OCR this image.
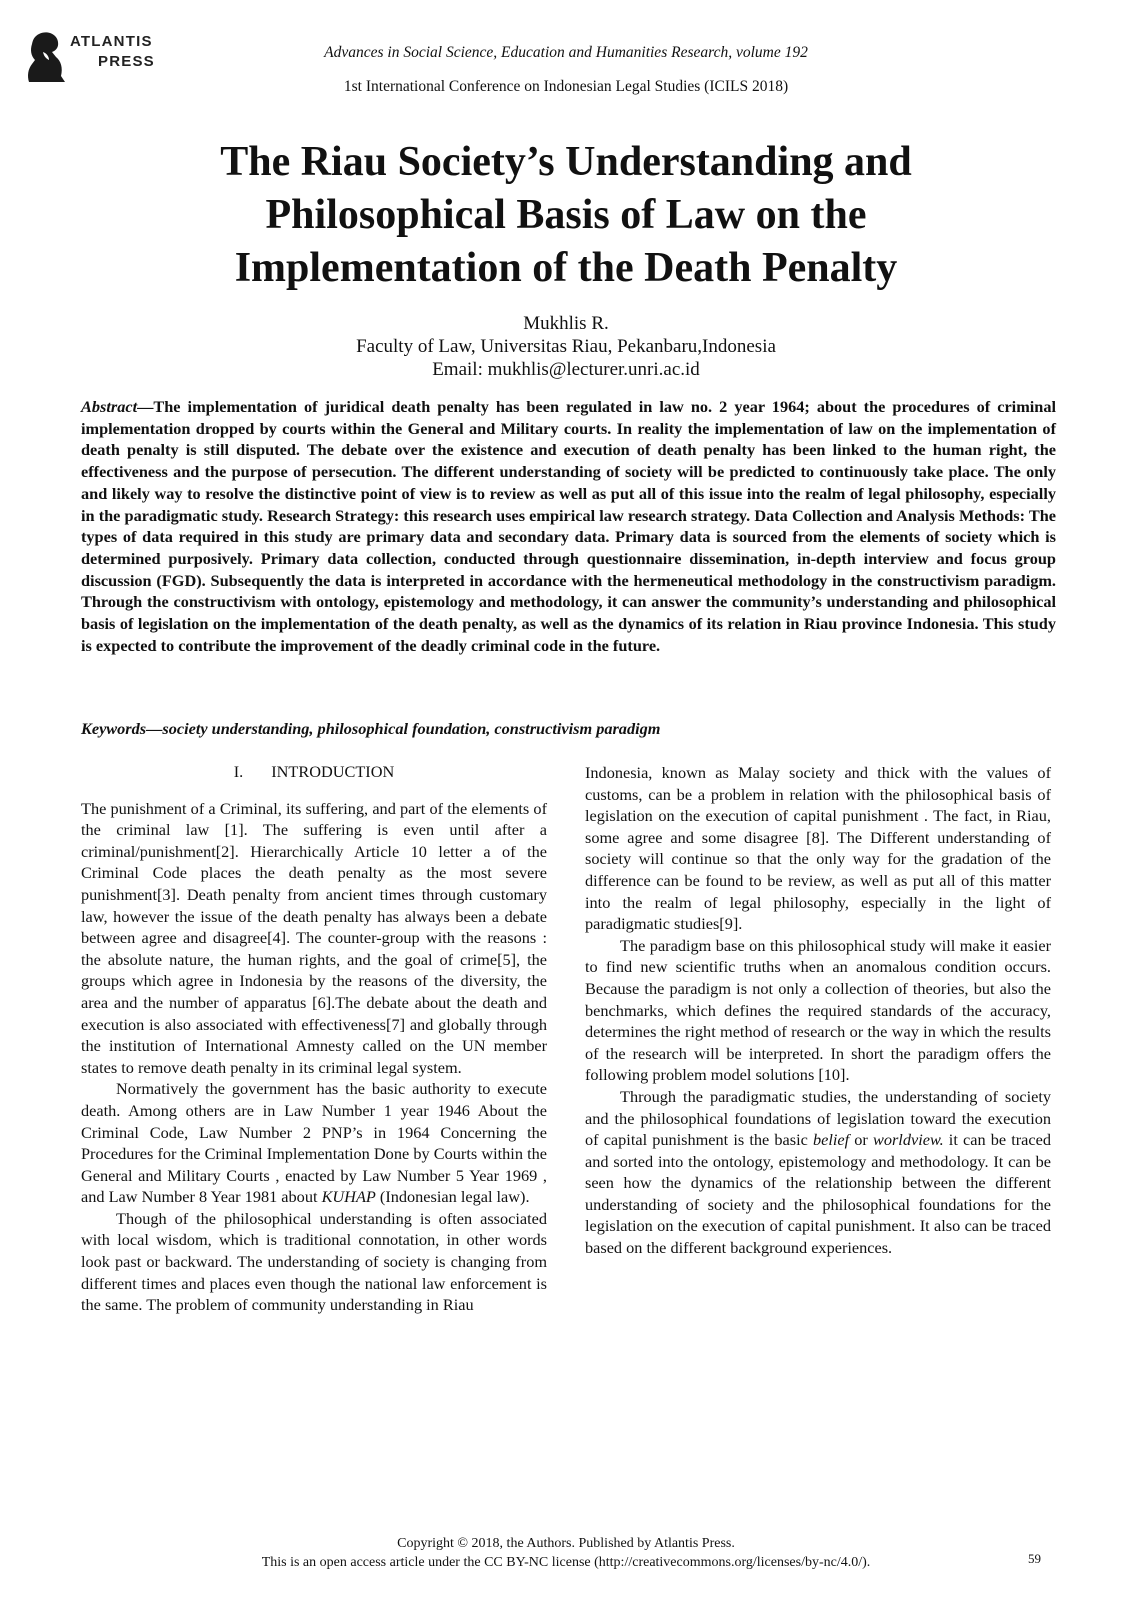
ATLANTIS
PRESS
Advances in Social Science, Education and Humanities Research, volume 192
1st International Conference on Indonesian Legal Studies (ICILS 2018)
The Riau Society’s Understanding and Philosophical Basis of Law on the Implementation of the Death Penalty
Mukhlis R.
Faculty of Law, Universitas Riau, Pekanbaru,Indonesia
Email: mukhlis@lecturer.unri.ac.id

Abstract—The implementation of juridical death penalty has been regulated in law no. 2 year 1964; about the procedures of criminal implementation dropped by courts within the General and Military courts. In reality the implementation of law on the implementation of death penalty is still disputed. The debate over the existence and execution of death penalty has been linked to the human right, the effectiveness and the purpose of persecution. The different understanding of society will be predicted to continuously take place. The only and likely way to resolve the distinctive point of view is to review as well as put all of this issue into the realm of legal philosophy, especially in the paradigmatic study. Research Strategy: this research uses empirical law research strategy. Data Collection and Analysis Methods: The types of data required in this study are primary data and secondary data. Primary data is sourced from the elements of society which is determined purposively. Primary data collection, conducted through questionnaire dissemination, in-depth interview and focus group discussion (FGD). Subsequently the data is interpreted in accordance with the hermeneutical methodology in the constructivism paradigm. Through the constructivism with ontology, epistemology and methodology, it can answer the community’s understanding and philosophical basis of legislation on the implementation of the death penalty, as well as the dynamics of its relation in Riau province Indonesia. This study is expected to contribute the improvement of the deadly criminal code in the future.

Keywords—society understanding, philosophical foundation, constructivism paradigm

I. INTRODUCTION

The punishment of a Criminal, its suffering, and part of the elements of the criminal law [1]. The suffering is even until after a criminal/punishment[2]. Hierarchically Article 10 letter a of the Criminal Code places the death penalty as the most severe punishment[3]. Death penalty from ancient times through customary law, however the issue of the death penalty has always been a debate between agree and disagree[4]. The counter-group with the reasons : the absolute nature, the human rights, and the goal of crime[5], the groups which agree in Indonesia by the reasons of the diversity, the area and the number of apparatus [6].The debate about the death and execution is also associated with effectiveness[7] and globally through the institution of International Amnesty called on the UN member states to remove death penalty in its criminal legal system.

Normatively the government has the basic authority to execute death. Among others are in Law Number 1 year 1946 About the Criminal Code, Law Number 2 PNP’s in 1964 Concerning the Procedures for the Criminal Implementation Done by Courts within the General and Military Courts , enacted by Law Number 5 Year 1969 , and Law Number 8 Year 1981 about KUHAP (Indonesian legal law).

Though of the philosophical understanding is often associated with local wisdom, which is traditional connotation, in other words look past or backward. The understanding of society is changing from different times and places even though the national law enforcement is the same. The problem of community understanding in Riau

Indonesia, known as Malay society and thick with the values of customs, can be a problem in relation with the philosophical basis of legislation on the execution of capital punishment . The fact, in Riau, some agree and some disagree [8]. The Different understanding of society will continue so that the only way for the gradation of the difference can be found to be review, as well as put all of this matter into the realm of legal philosophy, especially in the light of paradigmatic studies[9].

The paradigm base on this philosophical study will make it easier to find new scientific truths when an anomalous condition occurs. Because the paradigm is not only a collection of theories, but also the benchmarks, which defines the required standards of the accuracy, determines the right method of research or the way in which the results of the research will be interpreted. In short the paradigm offers the following problem model solutions [10].

Through the paradigmatic studies, the understanding of society and the philosophical foundations of legislation toward the execution of capital punishment is the basic belief or worldview. it can be traced and sorted into the ontology, epistemology and methodology. It can be seen how the dynamics of the relationship between the different understanding of society and the philosophical foundations for the legislation on the execution of capital punishment. It also can be traced based on the different background experiences.

Copyright © 2018, the Authors. Published by Atlantis Press.
This is an open access article under the CC BY-NC license (http://creativecommons.org/licenses/by-nc/4.0/).	59
